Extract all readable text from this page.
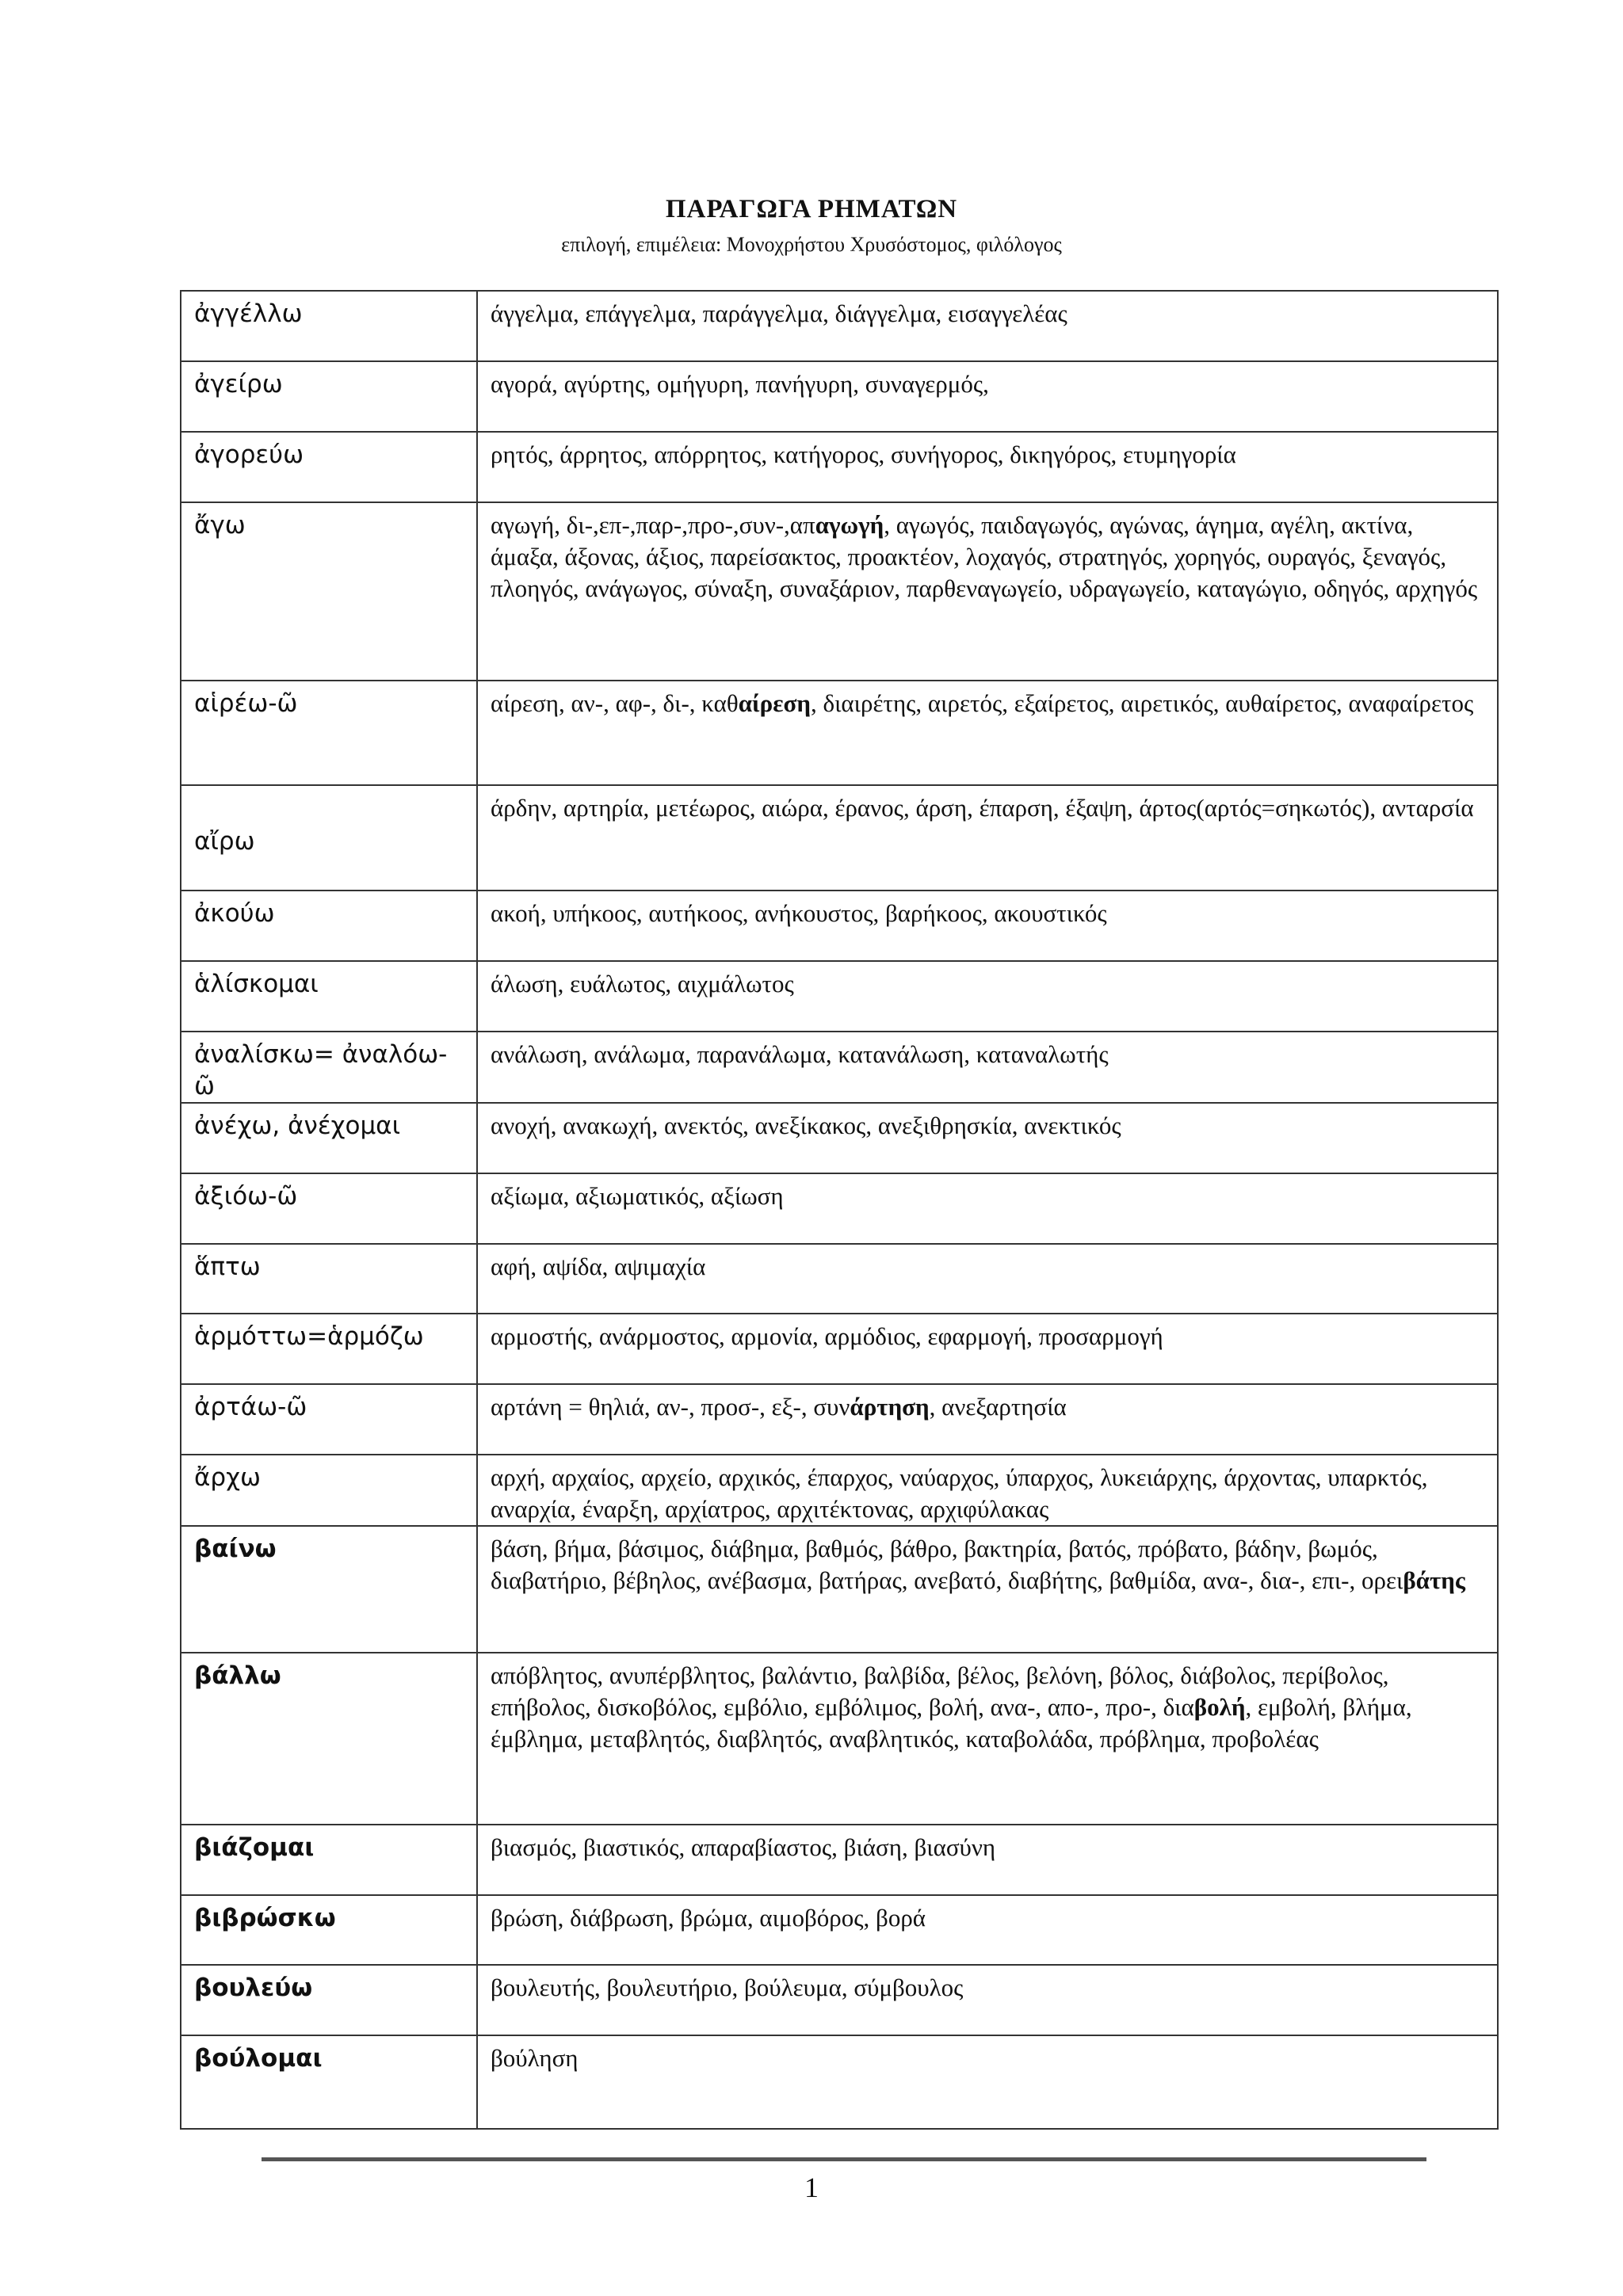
ΠΑΡΑΓΩΓΑ ΡΗΜΑΤΩΝ
επιλογή, επιμέλεια: Μονοχρήστου Χρυσόστομος, φιλόλογος
ἀγγέλλω	άγγελμα, επάγγελμα, παράγγελμα, διάγγελμα, εισαγγελέας
ἀγείρω	αγορά, αγύρτης, ομήγυρη, πανήγυρη, συναγερμός,
ἀγορεύω	ρητός, άρρητος, απόρρητος, κατήγορος, συνήγορος, δικηγόρος, ετυμηγορία
ἄγω	αγωγή, δι-,επ-,παρ-,προ-,συν-,απαγωγή, αγωγός, παιδαγωγός, αγώνας, άγημα, αγέλη, ακτίνα, άμαξα, άξονας, άξιος, παρείσακτος, προακτέον, λοχαγός, στρατηγός, χορηγός, ουραγός, ξεναγός, πλοηγός, ανάγωγος, σύναξη, συναξάριον, παρθεναγωγείο, υδραγωγείο, καταγώγιο, οδηγός, αρχηγός
αἱρέω-ῶ	αίρεση, αν-, αφ-, δι-, καθαίρεση, διαιρέτης, αιρετός, εξαίρετος, αιρετικός, αυθαίρετος, αναφαίρετος
αἴρω	άρδην, αρτηρία, μετέωρος, αιώρα, έρανος, άρση, έπαρση, έξαψη, άρτος(αρτός=σηκωτός), ανταρσία
ἀκούω	ακοή, υπήκοος, αυτήκοος, ανήκουστος, βαρήκοος, ακουστικός
ἁλίσκομαι	άλωση, ευάλωτος, αιχμάλωτος
ἀναλίσκω= ἀναλόω-ῶ	ανάλωση, ανάλωμα, παρανάλωμα, κατανάλωση, καταναλωτής
ἀνέχω, ἀνέχομαι	ανοχή, ανακωχή, ανεκτός, ανεξίκακος, ανεξιθρησκία, ανεκτικός
ἀξιόω-ῶ	αξίωμα, αξιωματικός, αξίωση
ἅπτω	αφή, αψίδα, αψιμαχία
ἁρμόττω=ἁρμόζω	αρμοστής, ανάρμοστος, αρμονία, αρμόδιος, εφαρμογή, προσαρμογή
ἀρτάω-ῶ	αρτάνη = θηλιά, αν-, προσ-, εξ-, συνάρτηση, ανεξαρτησία
ἄρχω	αρχή, αρχαίος, αρχείο, αρχικός, έπαρχος, ναύαρχος, ύπαρχος, λυκειάρχης, άρχοντας, υπαρκτός, αναρχία, έναρξη, αρχίατρος, αρχιτέκτονας, αρχιφύλακας
βαίνω	βάση, βήμα, βάσιμος, διάβημα, βαθμός, βάθρο, βακτηρία, βατός, πρόβατο, βάδην, βωμός, διαβατήριο, βέβηλος, ανέβασμα, βατήρας, ανεβατό, διαβήτης, βαθμίδα, ανα-, δια-, επι-, ορειβάτης
βάλλω	απόβλητος, ανυπέρβλητος, βαλάντιο, βαλβίδα, βέλος, βελόνη, βόλος, διάβολος, περίβολος, επήβολος, δισκοβόλος, εμβόλιο, εμβόλιμος, βολή, ανα-, απο-, προ-, διαβολή, εμβολή, βλήμα, έμβλημα, μεταβλητός, διαβλητός, αναβλητικός, καταβολάδα, πρόβλημα, προβολέας
βιάζομαι	βιασμός, βιαστικός, απαραβίαστος, βιάση, βιασύνη
βιβρώσκω	βρώση, διάβρωση, βρώμα, αιμοβόρος, βορά
βουλεύω	βουλευτής, βουλευτήριο, βούλευμα, σύμβουλος
βούλομαι	βούληση
1
